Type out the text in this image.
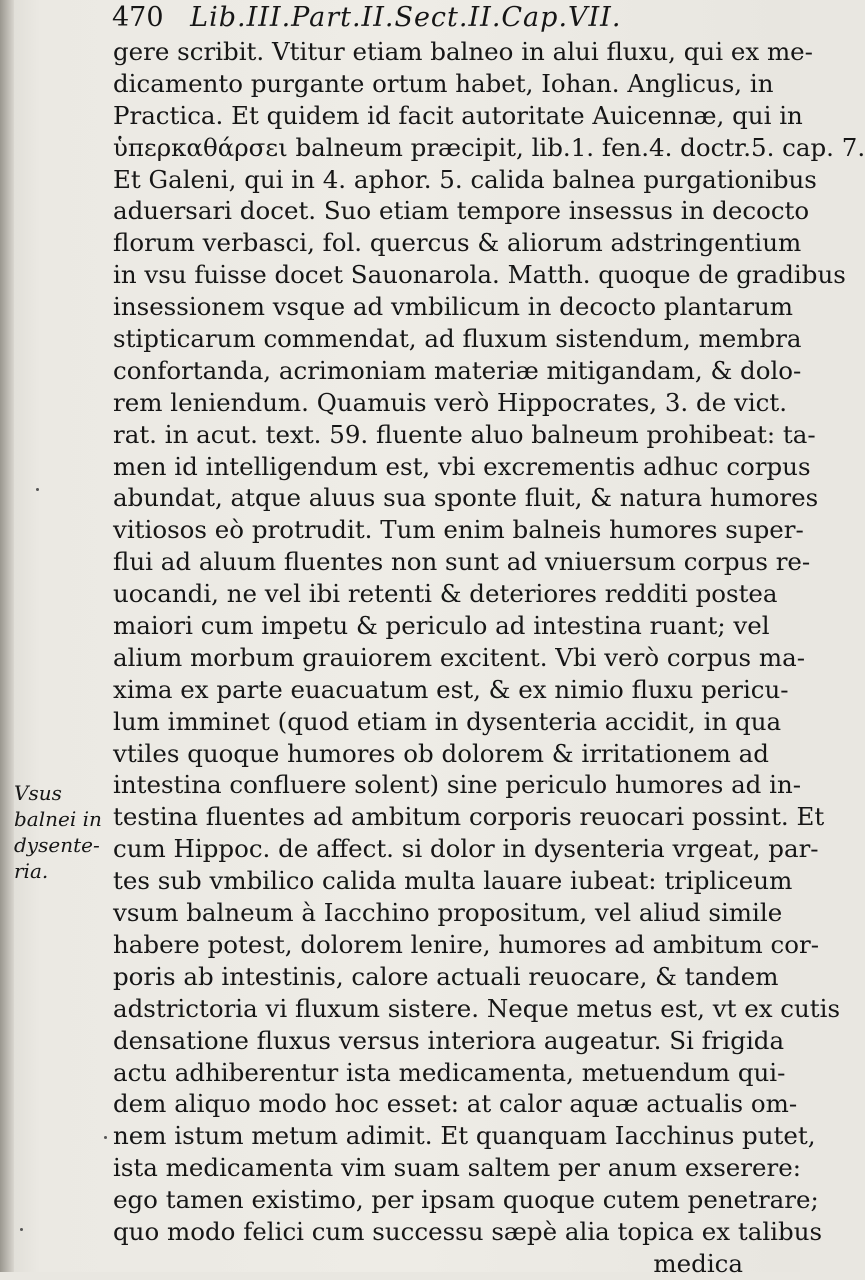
470 Lib.III.Part.II.Sect.II.Cap.VII.
gere scribit. Vtitur etiam balneo in alui fluxu, qui ex me-
dicamento purgante ortum habet, Iohan. Anglicus, in
Practica. Et quidem id facit autoritate Auicennæ, qui in
ὑπερκαθάρσει balneum præcipit, lib.1. fen.4. doctr.5. cap. 7.
Et Galeni, qui in 4. aphor. 5. calida balnea purgationibus
aduersari docet. Suo etiam tempore insessus in decocto
florum verbasci, fol. quercus & aliorum adstringentium
in vsu fuisse docet Sauonarola. Matth. quoque de gradibus
insessionem vsque ad vmbilicum in decocto plantarum
stipticarum commendat, ad fluxum sistendum, membra
confortanda, acrimoniam materiæ mitigandam, & dolo-
rem leniendum. Quamuis verò Hippocrates, 3. de vict.
rat. in acut. text. 59. fluente aluo balneum prohibeat: ta-
men id intelligendum est, vbi excrementis adhuc corpus
abundat, atque aluus sua sponte fluit, & natura humores
vitiosos eò protrudit. Tum enim balneis humores super-
flui ad aluum fluentes non sunt ad vniuersum corpus re-
uocandi, ne vel ibi retenti & deteriores redditi postea
maiori cum impetu & periculo ad intestina ruant; vel
alium morbum grauiorem excitent. Vbi verò corpus ma-
xima ex parte euacuatum est, & ex nimio fluxu pericu-
lum imminet (quod etiam in dysenteria accidit, in qua
vtiles quoque humores ob dolorem & irritationem ad
intestina confluere solent) sine periculo humores ad in-
testina fluentes ad ambitum corporis reuocari possint. Et
cum Hippoc. de affect. si dolor in dysenteria vrgeat, par-
tes sub vmbilico calida multa lauare iubeat: tripliceum
vsum balneum à Iacchino propositum, vel aliud simile
habere potest, dolorem lenire, humores ad ambitum cor-
poris ab intestinis, calore actuali reuocare, & tandem
adstrictoria vi fluxum sistere. Neque metus est, vt ex cutis
densatione fluxus versus interiora augeatur. Si frigida
actu adhiberentur ista medicamenta, metuendum qui-
dem aliquo modo hoc esset: at calor aquæ actualis om-
nem istum metum adimit. Et quanquam Iacchinus putet,
ista medicamenta vim suam saltem per anum exserere:
ego tamen existimo, per ipsam quoque cutem penetrare;
quo modo felici cum successu sæpè alia topica ex talibus
medica
Vsus
balnei in
dysente-
ria.
